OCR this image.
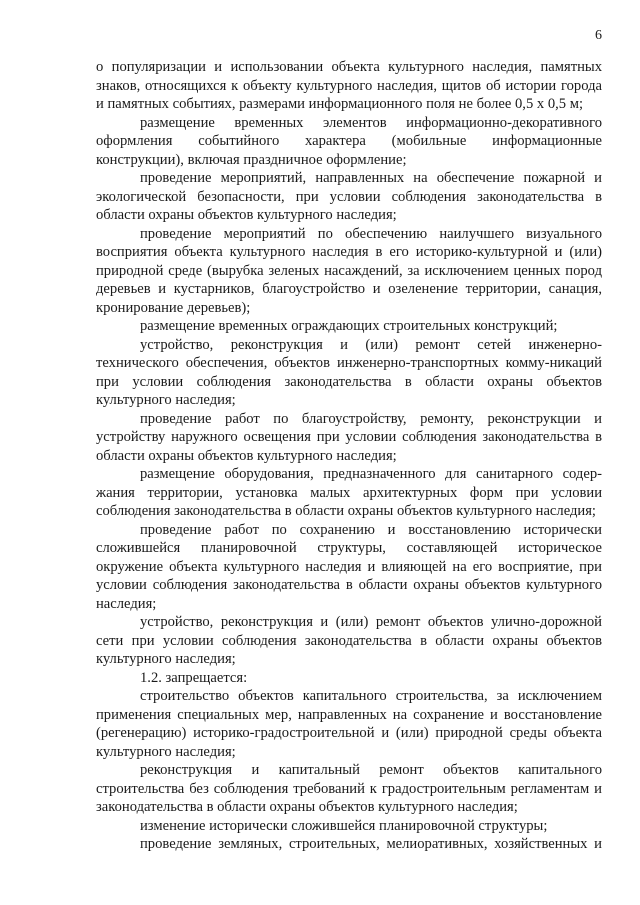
6

о популяризации и использовании объекта культурного наследия, памятных знаков, относящихся к объекту культурного наследия, щитов об истории города и памятных событиях, размерами информационного поля не более 0,5 х 0,5 м;

размещение временных элементов информационно-декоративного оформления событийного характера (мобильные информационные конструкции), включая праздничное оформление;

проведение мероприятий, направленных на обеспечение пожарной и экологической безопасности, при условии соблюдения законодательства в области охраны объектов культурного наследия;

проведение мероприятий по обеспечению наилучшего визуального восприятия объекта культурного наследия в его историко-культурной и (или) природной среде (вырубка зеленых насаждений, за исключением ценных пород деревьев и кустарников, благоустройство и озеленение территории, санация, кронирование деревьев);

размещение временных ограждающих строительных конструкций;

устройство, реконструкция и (или) ремонт сетей инженерно-технического обеспечения, объектов инженерно-транспортных комму-никаций при условии соблюдения законодательства в области охраны объектов культурного наследия;

проведение работ по благоустройству, ремонту, реконструкции и устройству наружного освещения при условии соблюдения законодательства в области охраны объектов культурного наследия;

размещение оборудования, предназначенного для санитарного содер-жания территории, установка малых архитектурных форм при условии соблюдения законодательства в области охраны объектов культурного наследия;

проведение работ по сохранению и восстановлению исторически сложившейся планировочной структуры, составляющей историческое окружение объекта культурного наследия и влияющей на его восприятие, при условии соблюдения законодательства в области охраны объектов культурного наследия;

устройство, реконструкция и (или) ремонт объектов улично-дорожной сети при условии соблюдения законодательства в области охраны объектов культурного наследия;

1.2. запрещается:

строительство объектов капитального строительства, за исключением применения специальных мер, направленных на сохранение и восстановление (регенерацию) историко-градостроительной и (или) природной среды объекта культурного наследия;

реконструкция и капитальный ремонт объектов капитального строительства без соблюдения требований к градостроительным регламентам и законодательства в области охраны объектов культурного наследия;

изменение исторически сложившейся планировочной структуры;

проведение земляных, строительных, мелиоративных, хозяйственных и
